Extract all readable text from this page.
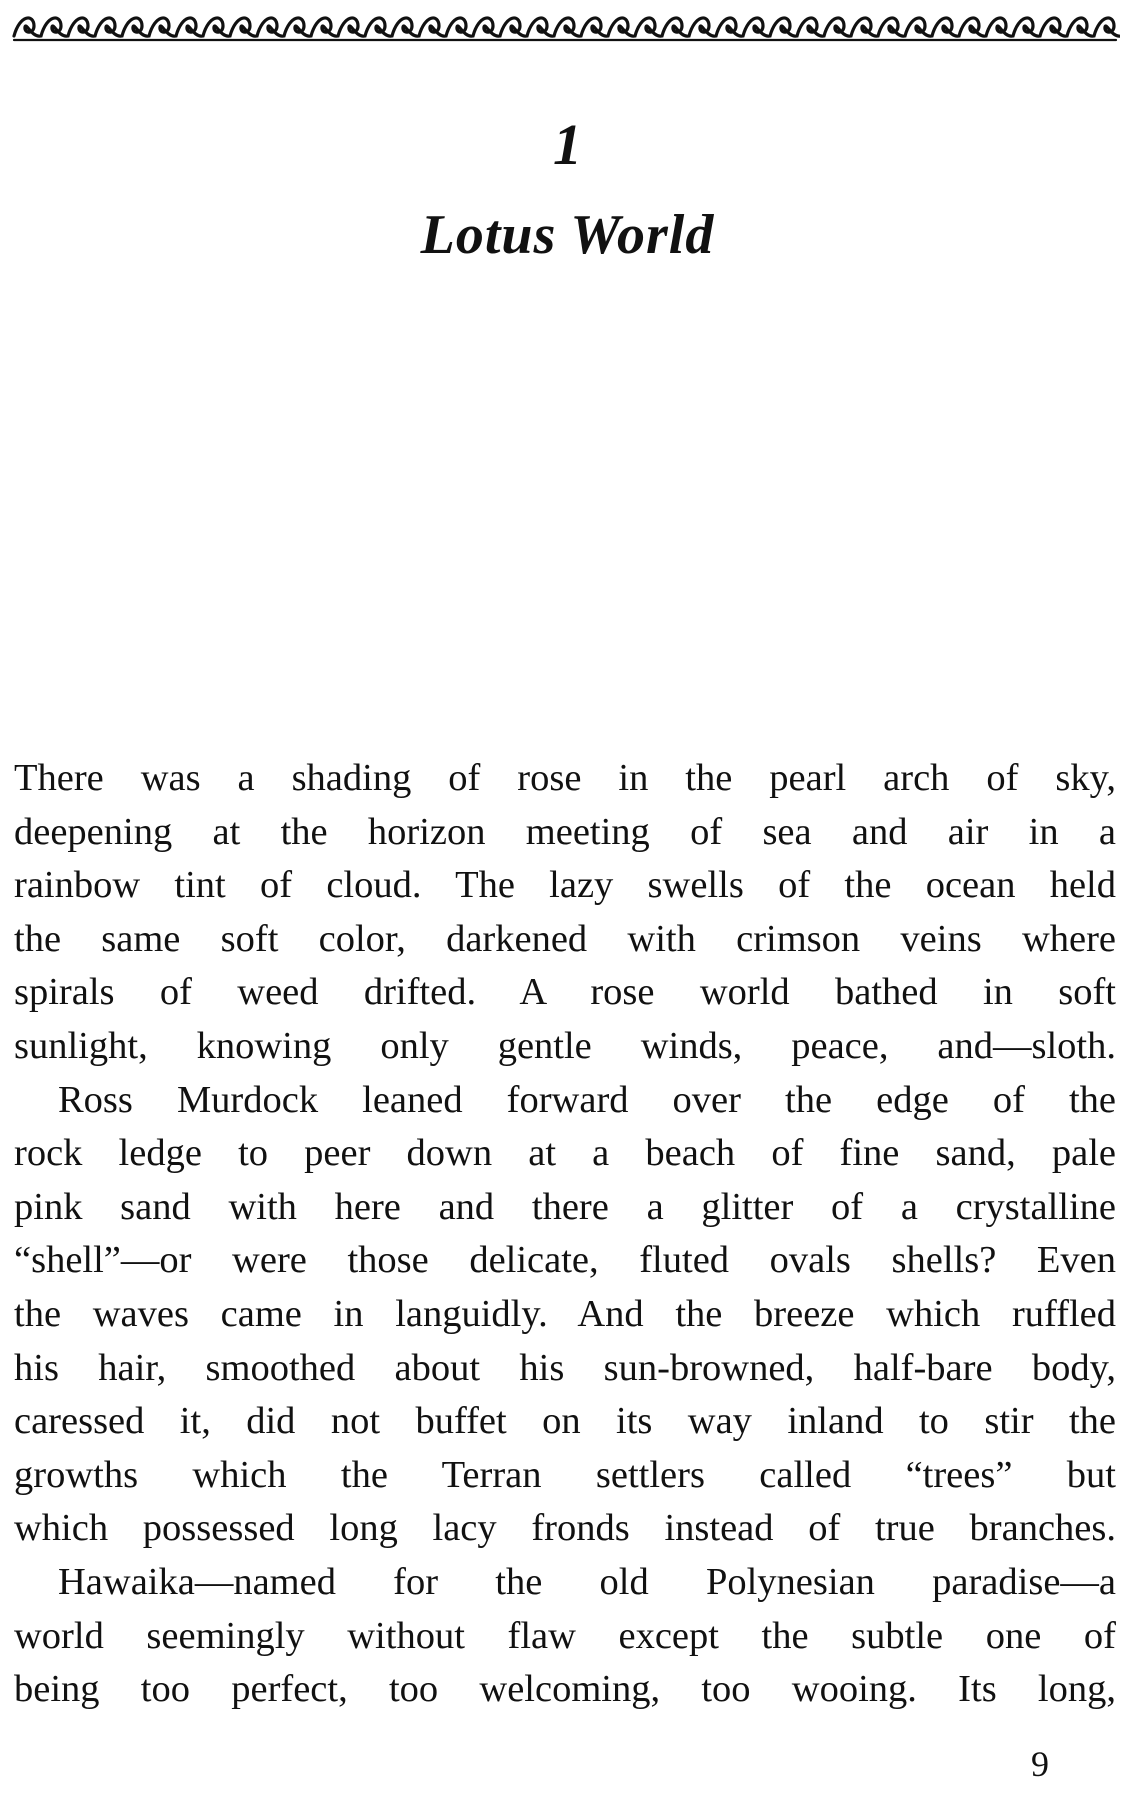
1
Lotus World
There was a shading of rose in the pearl arch of sky,
deepening at the horizon meeting of sea and air in a
rainbow tint of cloud. The lazy swells of the ocean held
the same soft color, darkened with crimson veins where
spirals of weed drifted. A rose world bathed in soft
sunlight, knowing only gentle winds, peace, and—sloth.
Ross Murdock leaned forward over the edge of the
rock ledge to peer down at a beach of fine sand, pale
pink sand with here and there a glitter of a crystalline
“shell”—or were those delicate, fluted ovals shells? Even
the waves came in languidly. And the breeze which ruffled
his hair, smoothed about his sun-browned, half-bare body,
caressed it, did not buffet on its way inland to stir the
growths which the Terran settlers called “trees” but
which possessed long lacy fronds instead of true branches.
Hawaika—named for the old Polynesian paradise—a
world seemingly without flaw except the subtle one of
being too perfect, too welcoming, too wooing. Its long,
9
